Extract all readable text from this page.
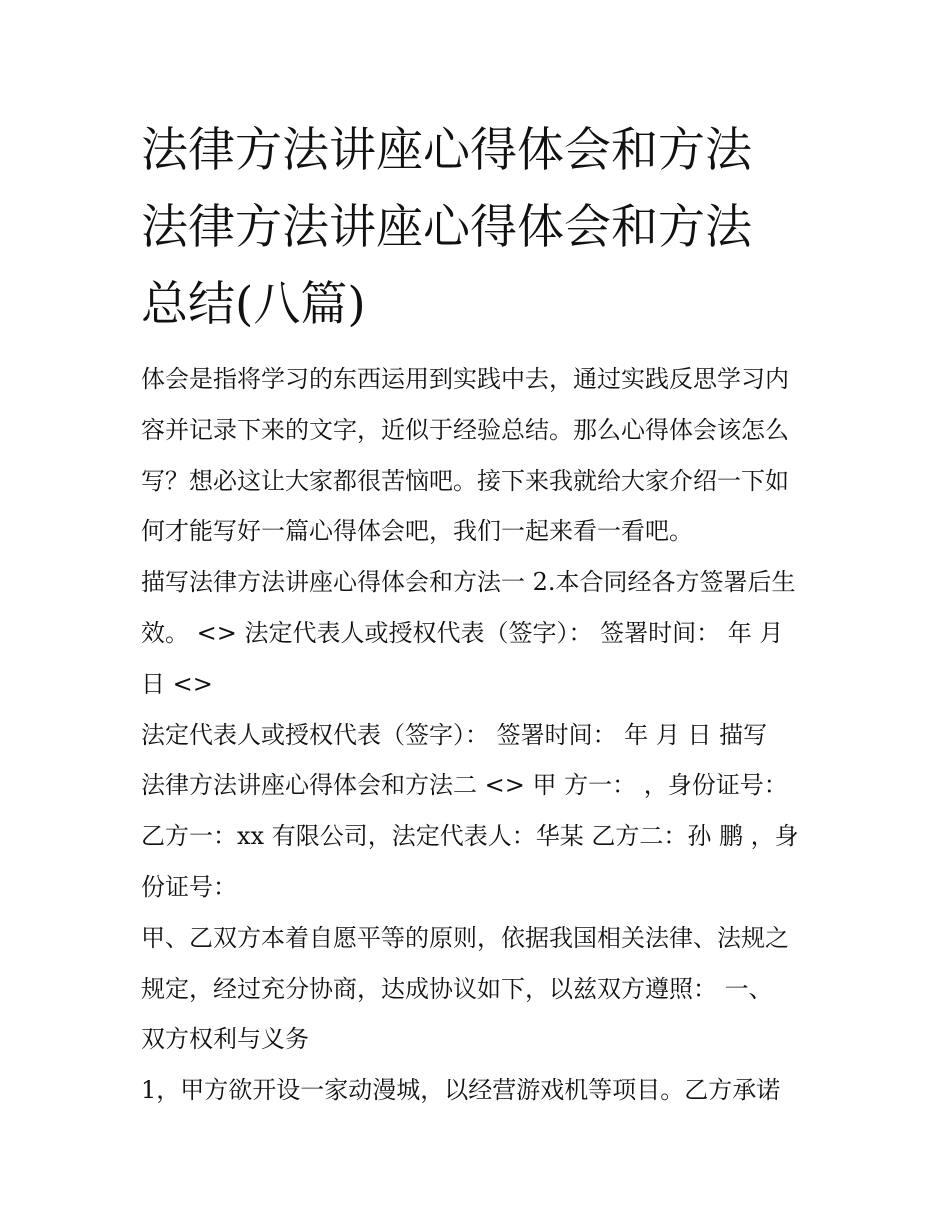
法律方法讲座心得体会和方法
法律方法讲座心得体会和方法
总结(八篇)

体会是指将学习的东西运用到实践中去，通过实践反思学习内
容并记录下来的文字，近似于经验总结。那么心得体会该怎么
写？想必这让大家都很苦恼吧。接下来我就给大家介绍一下如
何才能写好一篇心得体会吧，我们一起来看一看吧。

描写法律方法讲座心得体会和方法一 2.本合同经各方签署后生
效。 <> 法定代表人或授权代表（签字）： 签署时间： 年 月
日 <>

法定代表人或授权代表（签字）： 签署时间： 年 月 日 描写
法律方法讲座心得体会和方法二 <> 甲 方一： ，身份证号：
乙方一：xx 有限公司，法定代表人：华某 乙方二：孙 鹏 ，身
份证号：

甲、乙双方本着自愿平等的原则，依据我国相关法律、法规之
规定，经过充分协商，达成协议如下，以兹双方遵照： 一、
双方权利与义务

1，甲方欲开设一家动漫城，以经营游戏机等项目。乙方承诺
